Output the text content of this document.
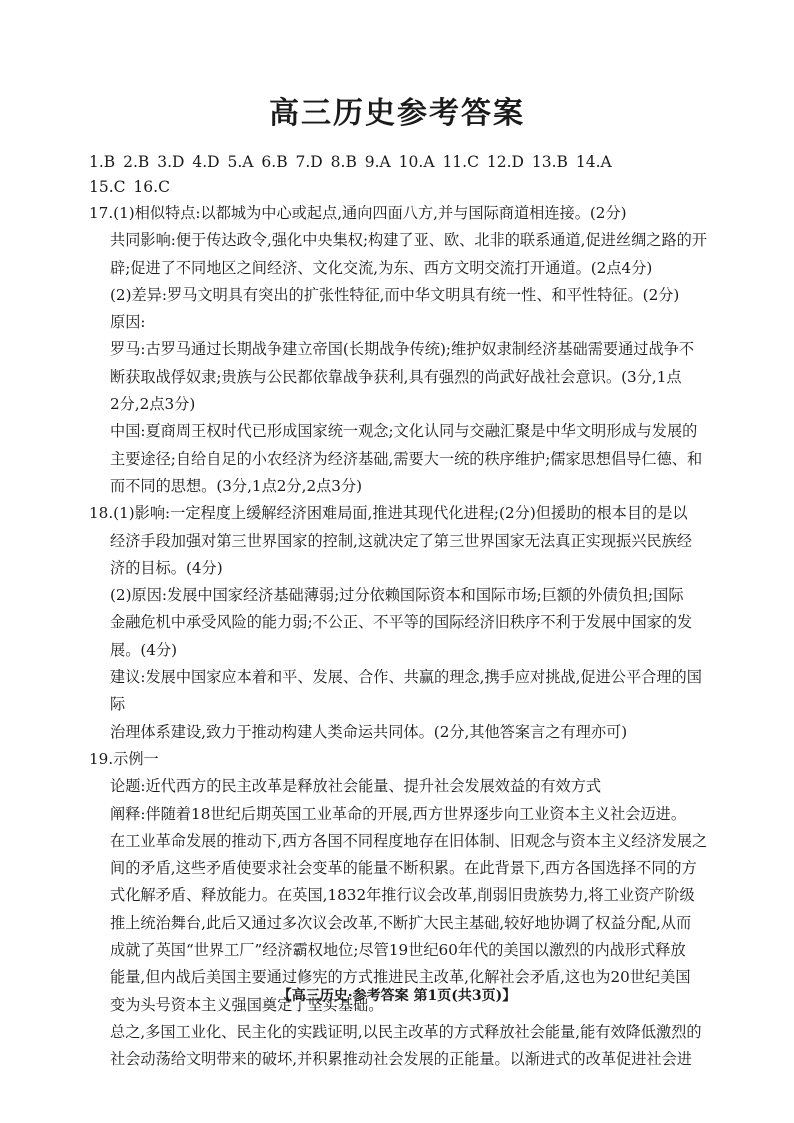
高三历史参考答案
1.B 2.B 3.D 4.D 5.A 6.B 7.D 8.B 9.A 10.A 11.C 12.D 13.B 14.A
15.C 16.C

17.(1)相似特点:以都城为中心或起点,通向四面八方,并与国际商道相连接。(2分)

共同影响:便于传达政令,强化中央集权;构建了亚、欧、北非的联系通道,促进丝绸之路的开

辟;促进了不同地区之间经济、文化交流,为东、西方文明交流打开通道。(2点4分)

(2)差异:罗马文明具有突出的扩张性特征,而中华文明具有统一性、和平性特征。(2分)

原因:

罗马:古罗马通过长期战争建立帝国(长期战争传统);维护奴隶制经济基础需要通过战争不

断获取战俘奴隶;贵族与公民都依靠战争获利,具有强烈的尚武好战社会意识。(3分,1点

2分,2点3分)

中国:夏商周王权时代已形成国家统一观念;文化认同与交融汇聚是中华文明形成与发展的

主要途径;自给自足的小农经济为经济基础,需要大一统的秩序维护;儒家思想倡导仁德、和

而不同的思想。(3分,1点2分,2点3分)

18.(1)影响:一定程度上缓解经济困难局面,推进其现代化进程;(2分)但援助的根本目的是以

经济手段加强对第三世界国家的控制,这就决定了第三世界国家无法真正实现振兴民族经

济的目标。(4分)

(2)原因:发展中国家经济基础薄弱;过分依赖国际资本和国际市场;巨额的外债负担;国际

金融危机中承受风险的能力弱;不公正、不平等的国际经济旧秩序不利于发展中国家的发

展。(4分)

建议:发展中国家应本着和平、发展、合作、共赢的理念,携手应对挑战,促进公平合理的国际

治理体系建设,致力于推动构建人类命运共同体。(2分,其他答案言之有理亦可)

19.示例一

论题:近代西方的民主改革是释放社会能量、提升社会发展效益的有效方式

阐释:伴随着18世纪后期英国工业革命的开展,西方世界逐步向工业资本主义社会迈进。

在工业革命发展的推动下,西方各国不同程度地存在旧体制、旧观念与资本主义经济发展之

间的矛盾,这些矛盾使要求社会变革的能量不断积累。在此背景下,西方各国选择不同的方

式化解矛盾、释放能力。在英国,1832年推行议会改革,削弱旧贵族势力,将工业资产阶级

推上统治舞台,此后又通过多次议会改革,不断扩大民主基础,较好地协调了权益分配,从而

成就了英国“世界工厂”经济霸权地位;尽管19世纪60年代的美国以激烈的内战形式释放

能量,但内战后美国主要通过修宪的方式推进民主改革,化解社会矛盾,这也为20世纪美国

变为头号资本主义强国奠定了坚实基础。

总之,多国工业化、民主化的实践证明,以民主改革的方式释放社会能量,能有效降低激烈的

社会动荡给文明带来的破坏,并积累推动社会发展的正能量。以渐进式的改革促进社会进

【高三历史·参考答案 第1页(共3页)】
